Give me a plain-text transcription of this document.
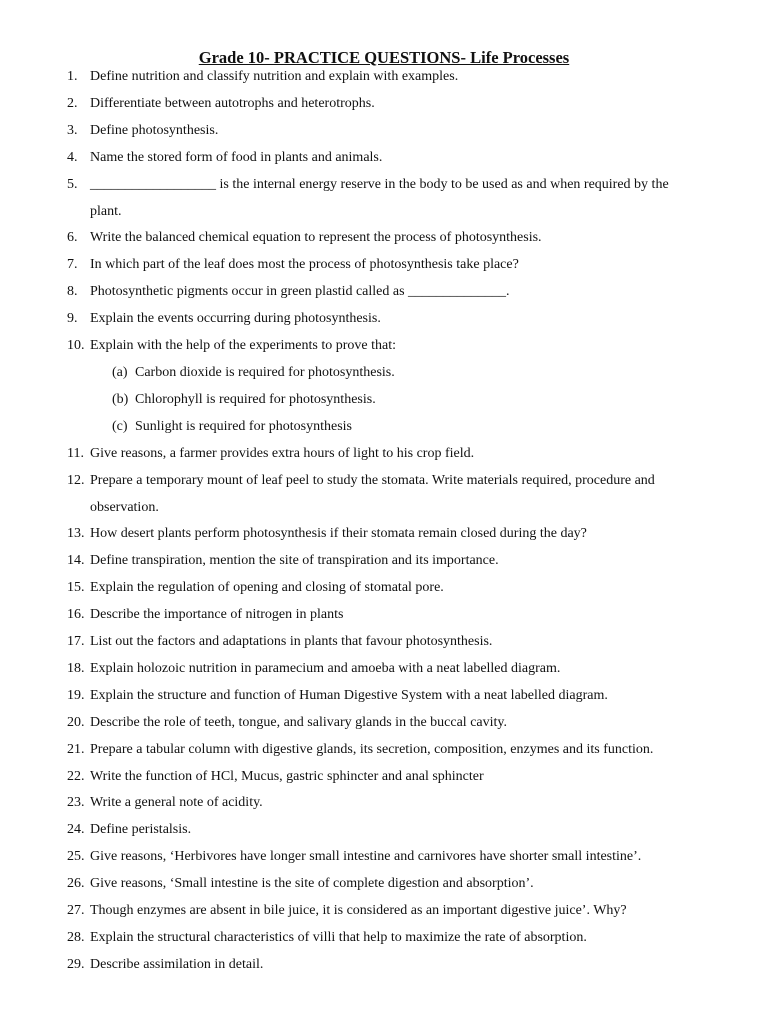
Grade 10- PRACTICE QUESTIONS- Life Processes
1. Define nutrition and classify nutrition and explain with examples.
2. Differentiate between autotrophs and heterotrophs.
3. Define photosynthesis.
4. Name the stored form of food in plants and animals.
5. __________________ is the internal energy reserve in the body to be used as and when required by the
plant.
6. Write the balanced chemical equation to represent the process of photosynthesis.
7. In which part of the leaf does most the process of photosynthesis take place?
8. Photosynthetic pigments occur in green plastid called as ______________.
9. Explain the events occurring during photosynthesis.
10. Explain with the help of the experiments to prove that:
(a) Carbon dioxide is required for photosynthesis.
(b) Chlorophyll is required for photosynthesis.
(c) Sunlight is required for photosynthesis
11. Give reasons, a farmer provides extra hours of light to his crop field.
12. Prepare a temporary mount of leaf peel to study the stomata. Write materials required, procedure and
observation.
13. How desert plants perform photosynthesis if their stomata remain closed during the day?
14. Define transpiration, mention the site of transpiration and its importance.
15. Explain the regulation of opening and closing of stomatal pore.
16. Describe the importance of nitrogen in plants
17. List out the factors and adaptations in plants that favour photosynthesis.
18. Explain holozoic nutrition in paramecium and amoeba with a neat labelled diagram.
19. Explain the structure and function of Human Digestive System with a neat labelled diagram.
20. Describe the role of teeth, tongue, and salivary glands in the buccal cavity.
21. Prepare a tabular column with digestive glands, its secretion, composition, enzymes and its function.
22. Write the function of HCl, Mucus, gastric sphincter and anal sphincter
23. Write a general note of acidity.
24. Define peristalsis.
25. Give reasons, ‘Herbivores have longer small intestine and carnivores have shorter small intestine’.
26. Give reasons, ‘Small intestine is the site of complete digestion and absorption’.
27. Though enzymes are absent in bile juice, it is considered as an important digestive juice’. Why?
28. Explain the structural characteristics of villi that help to maximize the rate of absorption.
29. Describe assimilation in detail.
